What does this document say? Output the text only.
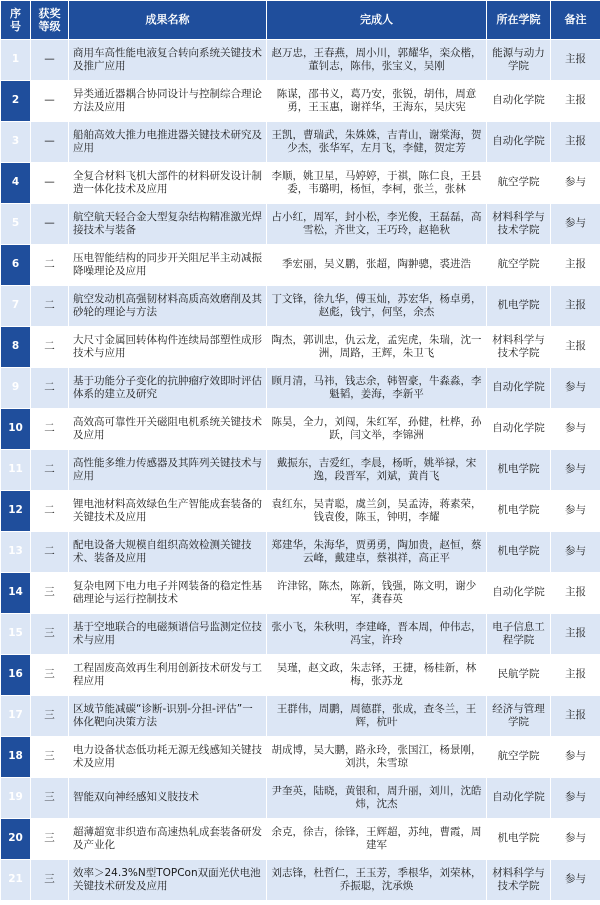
序号	获奖等级	成果名称	完成人	所在学院	备注
1	—	商用车高性能电液复合转向系统关键技术及推广应用	赵万忠，王春燕，周小川，郭耀华，栾众楷，董钊志，陈伟，张宝义，吴刚	能源与动力学院	主报
2	—	异类通近器耦合协同设计与控制综合理论方法及应用	陈谋，邵书义，葛乃安，张锐，胡伟，周意勇，王玉惠，谢祥华，王海东，吴庆宪	自动化学院	主报
3	—	船舶高效大推力电推进器关键技术研究及应用	王凯，曹瑞武，朱姝姝，吉青山，谢棠海，贺少杰，张华军，左月飞，李健，贺定芳	自动化学院	主报
4	—	全复合材料飞机大部件的材料研发设计制造一体化技术及应用	李顺，姚卫星，马婷婷，于祺，陈仁良，王县委，韦璐明，杨恒，李柯，张兰，张林	航空学院	参与
5	—	航空航天轻合金大型复杂结构精准激光焊接技术与装备	占小红，周军，封小松，李光俊，王磊磊，高雪松，齐世文，王巧玲，赵艳秋	材料科学与技术学院	参与
6	二	压电智能结构的同步开关阻尼半主动减振降噪理论及应用	季宏丽，吴义鹏，张超，陶翀骢，裘进浩	航空学院	主报
7	二	航空发动机高强韧材料高质高效磨削及其砂轮的理论与方法	丁文锋，徐九华，傅玉灿，苏宏华，杨卓勇，赵彪，钱宁，何坚，余杰	机电学院	主报
8	二	大尺寸金属回转体构件连续局部塑性成形技术与应用	陶杰，郭训忠，仇云龙，孟宪虎，朱瑞，沈一洲，周路，王辉，朱卫飞	材料科学与技术学院	主报
9	二	基于功能分子变化的抗肿瘤疗效即时评估体系的建立及研究	顾月清，马祎，钱志余，韩智豪，牛淼淼，李魁韬，姜海，李新平	自动化学院	参与
10	二	高效高可靠性开关磁阻电机系统关键技术及应用	陈昊，全力，刘闯，朱红军，孙健，杜桦，孙跃，闫文举，李锦洲	自动化学院	参与
11	二	高性能多维力传感器及其阵列关键技术与应用	戴振东，吉爱红，李晨，杨昕，姚举禄，宋逸，段晋军，刘斌，黄肖飞	机电学院	参与
12	二	锂电池材料高效绿色生产智能成套装备的关键技术及应用	袁红东，吴青聪，虞兰剑，吴孟涛，蒋素荣，钱袁俊，陈玉，钟明，李耀	机电学院	参与
13	二	配电设备大规模自组织高效检测关键技术、装备及应用	郑建华，朱海华，贾勇勇，陶加贵，赵恒，蔡云峰，戴建卓，蔡祺祥，高正平	机电学院	参与
14	三	复杂电网下电力电子并网装备的稳定性基础理论与运行控制技术	许津铭，陈杰，陈新，钱强，陈文明，谢少军，龚春英	自动化学院	主报
15	三	基于空地联合的电磁频谱信号监测定位技术与应用	张小飞，朱秋明，李建峰，晋本周，仲伟志，冯宝，许玲	电子信息工程学院	主报
16	三	工程固废高效再生利用创新技术研发与工程应用	吴瑾，赵文政，朱志铎，王捷，杨桂新，林梅，张苏龙	民航学院	主报
17	三	区域节能减碳“诊断-识别-分担-评估”一体化靶向决策方法	王群伟，周鹏，周德群，张成，查冬兰，王辉，杭叶	经济与管理学院	主报
18	三	电力设备状态低功耗无源无线感知关键技术及应用	胡成博，吴大鹏，路永玲，张国江，杨景刚，刘洪，朱雪琼	航空学院	参与
19	三	智能双向神经感知义肢技术	尹奎英，陆晓，黄银和，周升丽，刘川，沈皓炜，沈杰	自动化学院	参与
20	三	超薄超宽非织造布高速热轧成套装备研发及产业化	余克，徐吉，徐锋，王辉超，苏纯，曹霞，周建军	机电学院	参与
21	三	效率＞24.3%N型TOPCon双面光伏电池关键技术研发及应用	刘志锋，杜哲仁，王玉芳，季根华，刘荣林，乔振聪，沈承焕	材料科学与技术学院	参与
